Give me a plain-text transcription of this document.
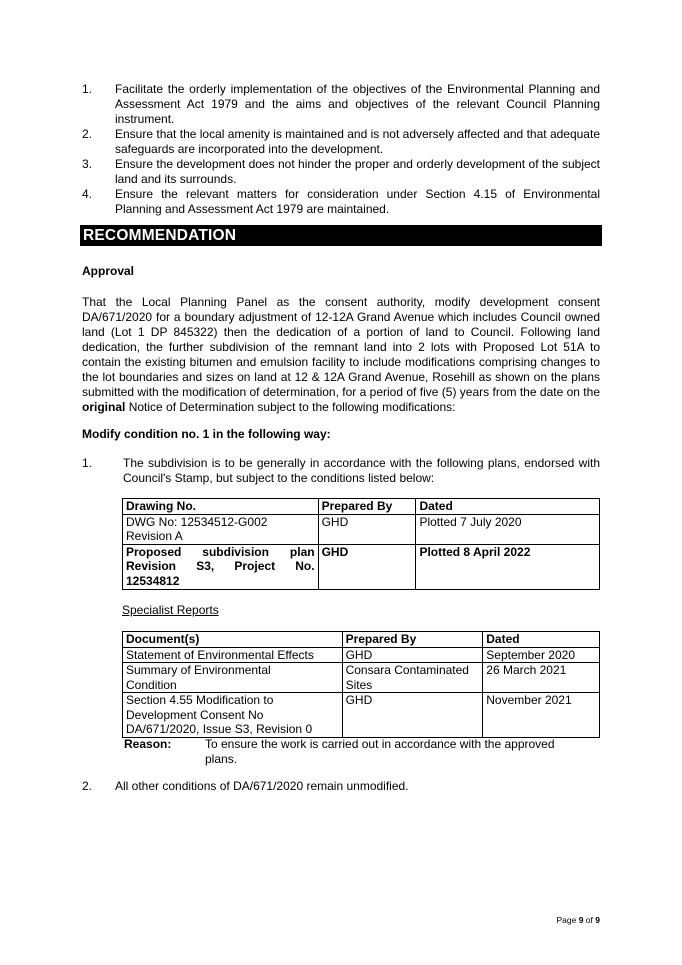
1. Facilitate the orderly implementation of the objectives of the Environmental Planning and Assessment Act 1979 and the aims and objectives of the relevant Council Planning instrument.
2. Ensure that the local amenity is maintained and is not adversely affected and that adequate safeguards are incorporated into the development.
3. Ensure the development does not hinder the proper and orderly development of the subject land and its surrounds.
4. Ensure the relevant matters for consideration under Section 4.15 of Environmental Planning and Assessment Act 1979 are maintained.
RECOMMENDATION
Approval
That the Local Planning Panel as the consent authority, modify development consent DA/671/2020 for a boundary adjustment of 12-12A Grand Avenue which includes Council owned land (Lot 1 DP 845322) then the dedication of a portion of land to Council. Following land dedication, the further subdivision of the remnant land into 2 lots with Proposed Lot 51A to contain the existing bitumen and emulsion facility to include modifications comprising changes to the lot boundaries and sizes on land at 12 & 12A Grand Avenue, Rosehill as shown on the plans submitted with the modification of determination, for a period of five (5) years from the date on the original Notice of Determination subject to the following modifications:
Modify condition no. 1 in the following way:
1.	The subdivision is to be generally in accordance with the following plans, endorsed with Council's Stamp, but subject to the conditions listed below:
Drawing No.	Prepared By	Dated
DWG No: 12534512-G002 Revision A	GHD	Plotted 7 July 2020
Proposed subdivision plan Revision S3, Project No. 12534812	GHD	Plotted 8 April 2022
Specialist Reports
Document(s)	Prepared By	Dated
Statement of Environmental Effects	GHD	September 2020
Summary of Environmental Condition	Consara Contaminated Sites	26 March 2021
Section 4.55 Modification to Development Consent No DA/671/2020, Issue S3, Revision 0	GHD	November 2021
Reason:	To ensure the work is carried out in accordance with the approved plans.
2. All other conditions of DA/671/2020 remain unmodified.
Page 9 of 9
